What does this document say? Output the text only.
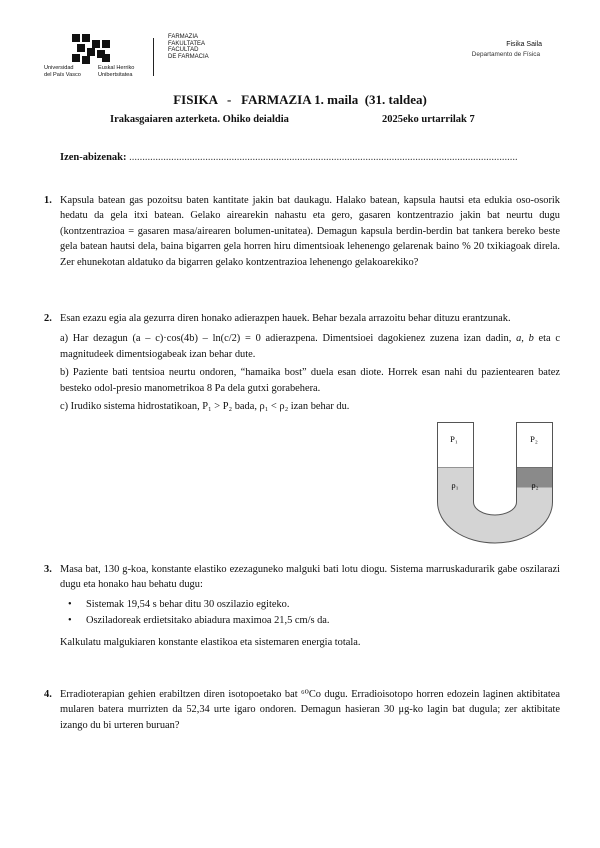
Universidad
del País Vasco
Euskal Herriko
Unibertsitatea
FARMAZIA
FAKULTATEA
FACULTAD
DE FARMACIA
Fisika Saila
Departamento de Física
FISIKA   -   FARMAZIA 1. maila  (31. taldea)
Irakasgaiaren azterketa. Ohiko deialdia	2025eko urtarrilak 7
Izen-abizenak: ....................................................................................................................................................
1. Kapsula batean gas pozoitsu baten kantitate jakin bat daukagu. Halako batean, kapsula hautsi eta edukia oso-osorik hedatu da gela itxi batean. Gelako airearekin nahastu eta gero, gasaren kontzentrazio jakin bat neurtu dugu (kontzentrazioa = gasaren masa/airearen bolumen-unitatea). Demagun kapsula berdin-berdin bat tankera bereko beste gela batean hautsi dela, baina bigarren gela horren hiru dimentsioak lehenengo gelarenak baino % 20 txikiagoak direla. Zer ehunekotan aldatuko da bigarren gelako kontzentrazioa lehenengo gelakoarekiko?

2. Esan ezazu egia ala gezurra diren honako adierazpen hauek. Behar bezala arrazoitu behar dituzu erantzunak.

a) Har dezagun (a – c)·cos(4b) – ln(c/2) = 0 adierazpena. Dimentsioei dagokienez zuzena izan dadin, a, b eta c magnitudeek dimentsiogabeak izan behar dute.

b) Paziente bati tentsioa neurtu ondoren, “hamaika bost” duela esan diote. Horrek esan nahi du pazientearen batez besteko odol-presio manometrikoa 8 Pa dela gutxi gorabehera.

c) Irudiko sistema hidrostatikoan, P₁ > P₂ bada, ρ₁ < ρ₂ izan behar du.

P₁	P₂
ρ₁	ρ₂
3. Masa bat, 130 g-koa, konstante elastiko ezezaguneko malguki bati lotu diogu. Sistema marruskadurarik gabe oszilarazi dugu eta honako hau behatu dugu:

• Sistemak 19,54 s behar ditu 30 oszilazio egiteko.
• Osziladoreak erdietsitako abiadura maximoa 21,5 cm/s da.

Kalkulatu malgukiaren konstante elastikoa eta sistemaren energia totala.

4. Erradioterapian gehien erabiltzen diren isotopoetako bat ⁶⁰Co dugu. Erradioisotopo horren edozein laginen aktibitatea mularen batera murrizten da 52,34 urte igaro ondoren. Demagun hasieran 30 μg-ko lagin bat dugula; zer aktibitate izango du bi urteren buruan?
